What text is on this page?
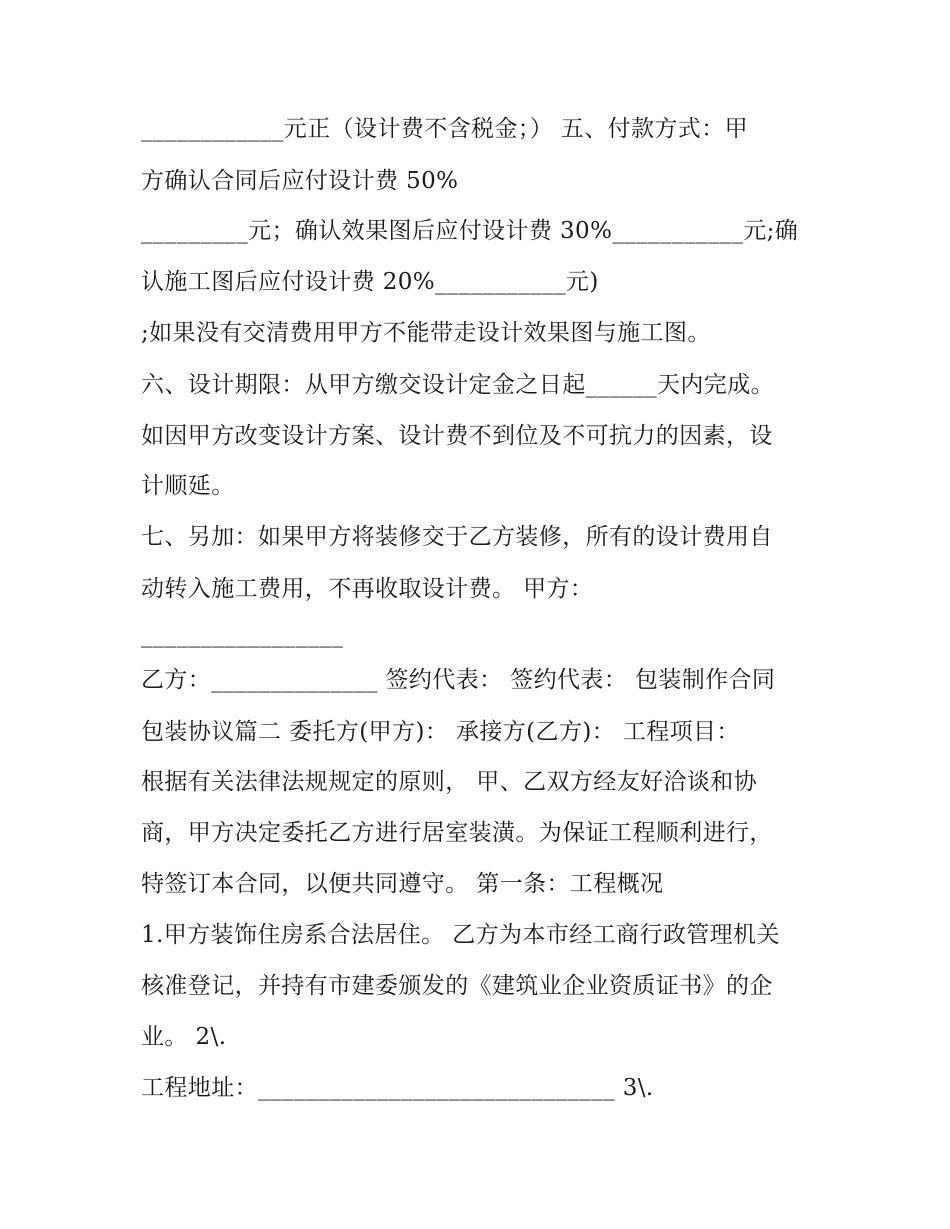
____________元正（设计费不含税金；） 五、付款方式：甲
方确认合同后应付设计费 50%
_________元；确认效果图后应付设计费 30%___________元;确
认施工图后应付设计费 20%___________元)
;如果没有交清费用甲方不能带走设计效果图与施工图。
六、设计期限：从甲方缴交设计定金之日起______天内完成。
如因甲方改变设计方案、设计费不到位及不可抗力的因素，设
计顺延。
七、另加：如果甲方将装修交于乙方装修，所有的设计费用自
动转入施工费用，不再收取设计费。 甲方：
_________________
乙方：______________ 签约代表： 签约代表： 包装制作合同
包装协议篇二 委托方(甲方)： 承接方(乙方)： 工程项目：
根据有关法律法规规定的原则， 甲、乙双方经友好洽谈和协
商，甲方决定委托乙方进行居室装潢。为保证工程顺利进行，
特签订本合同，以便共同遵守。 第一条：工程概况
1.甲方装饰住房系合法居住。 乙方为本市经工商行政管理机关
核准登记，并持有市建委颁发的《建筑业企业资质证书》的企
业。 2\.
工程地址：______________________________ 3\.
